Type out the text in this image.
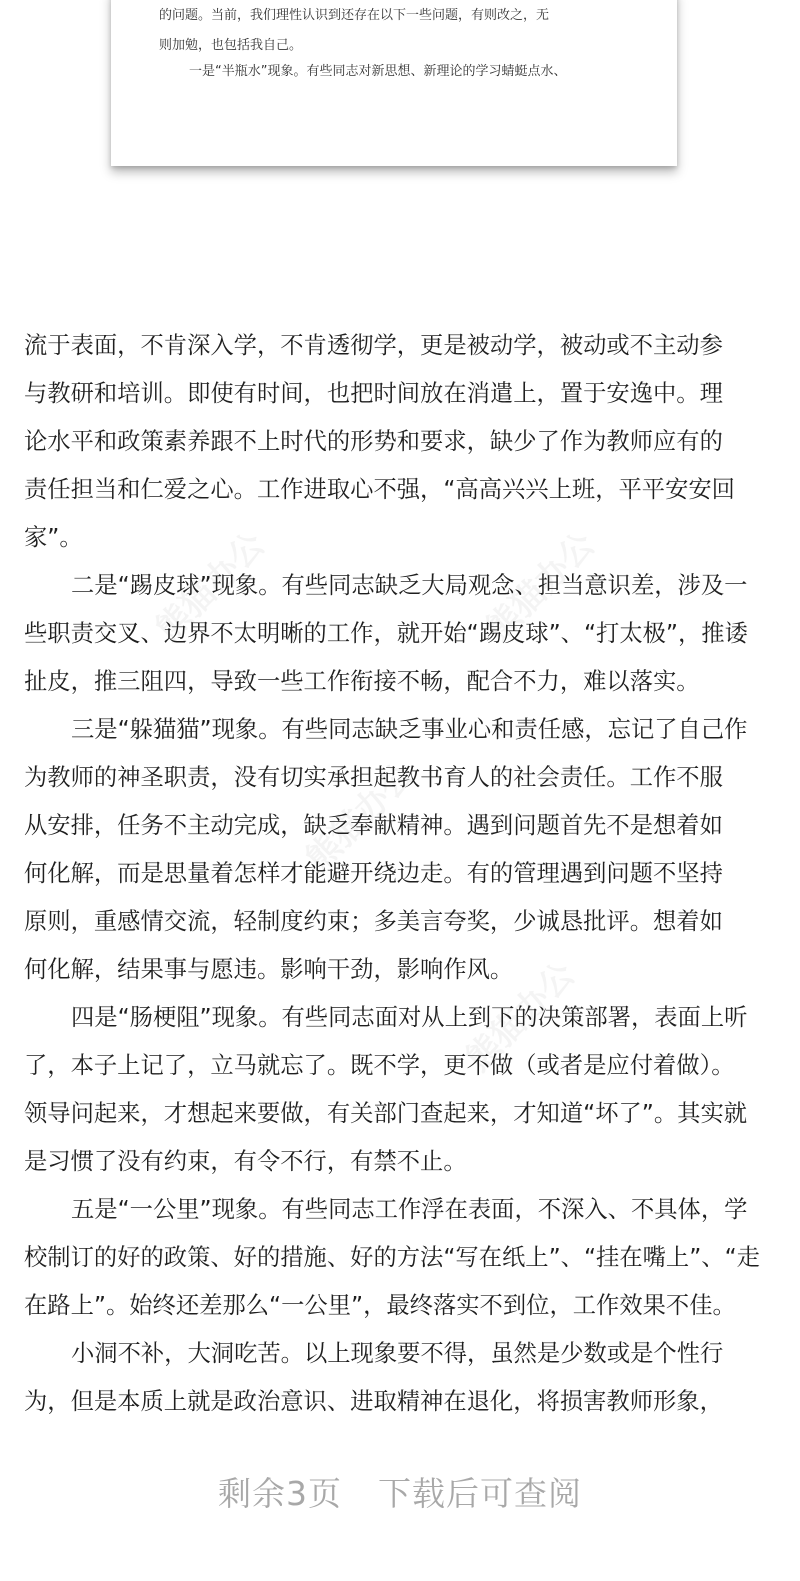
的问题。当前，我们理性认识到还存在以下一些问题，有则改之，无
则加勉，也包括我自己。
一是“半瓶水”现象。有些同志对新思想、新理论的学习蜻蜓点水、

流于表面，不肯深入学，不肯透彻学，更是被动学，被动或不主动参

与教研和培训。即使有时间，也把时间放在消遣上，置于安逸中。理

论水平和政策素养跟不上时代的形势和要求，缺少了作为教师应有的

责任担当和仁爱之心。工作进取心不强，“高高兴兴上班，平平安安回

家”。

二是“踢皮球”现象。有些同志缺乏大局观念、担当意识差，涉及一

些职责交叉、边界不太明晰的工作，就开始“踢皮球”、“打太极”，推诿

扯皮，推三阻四，导致一些工作衔接不畅，配合不力，难以落实。

三是“躲猫猫”现象。有些同志缺乏事业心和责任感，忘记了自己作

为教师的神圣职责，没有切实承担起教书育人的社会责任。工作不服

从安排，任务不主动完成，缺乏奉献精神。遇到问题首先不是想着如

何化解，而是思量着怎样才能避开绕边走。有的管理遇到问题不坚持

原则，重感情交流，轻制度约束；多美言夸奖，少诚恳批评。想着如

何化解，结果事与愿违。影响干劲，影响作风。

四是“肠梗阻”现象。有些同志面对从上到下的决策部署，表面上听

了，本子上记了，立马就忘了。既不学，更不做（或者是应付着做）。

领导问起来，才想起来要做，有关部门查起来，才知道“坏了”。其实就

是习惯了没有约束，有令不行，有禁不止。

五是“一公里”现象。有些同志工作浮在表面，不深入、不具体，学

校制订的好的政策、好的措施、好的方法“写在纸上”、“挂在嘴上”、“走

在路上”。始终还差那么“一公里”，最终落实不到位，工作效果不佳。

小洞不补，大洞吃苦。以上现象要不得，虽然是少数或是个性行

为，但是本质上就是政治意识、进取精神在退化，将损害教师形象，

剩余3页 下载后可查阅
